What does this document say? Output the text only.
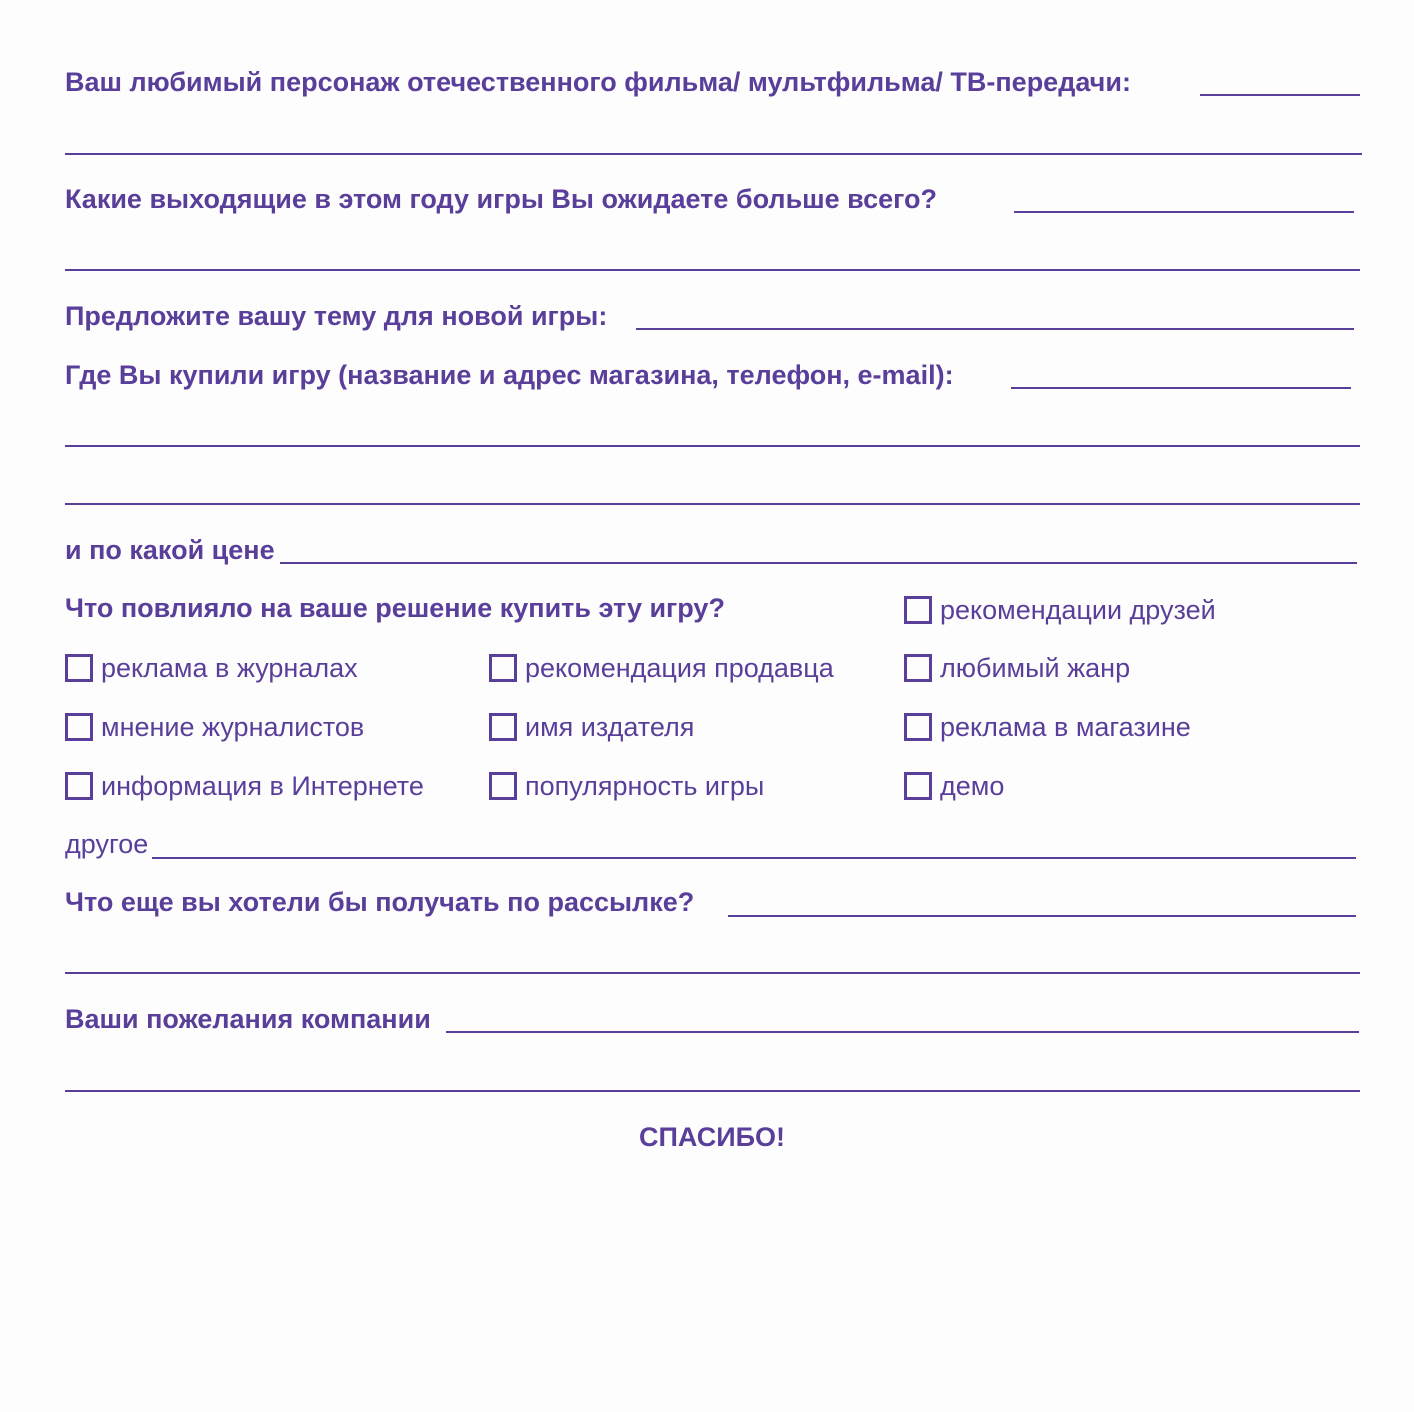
Ваш любимый персонаж отечественного фильма/ мультфильма/ ТВ-передачи:
Какие выходящие в этом году игры Вы ожидаете больше всего?
Предложите вашу тему для новой игры:
Где Вы купили игру (название и адрес магазина, телефон, e-mail):
и по какой цене
Что повлияло на ваше решение купить эту игру?	рекомендации друзей
реклама в журналах	рекомендация продавца	любимый жанр
мнение журналистов	имя издателя	реклама в магазине
информация в Интернете	популярность игры	демо
другое
Что еще вы хотели бы получать по рассылке?
Ваши пожелания компании
СПАСИБО!
